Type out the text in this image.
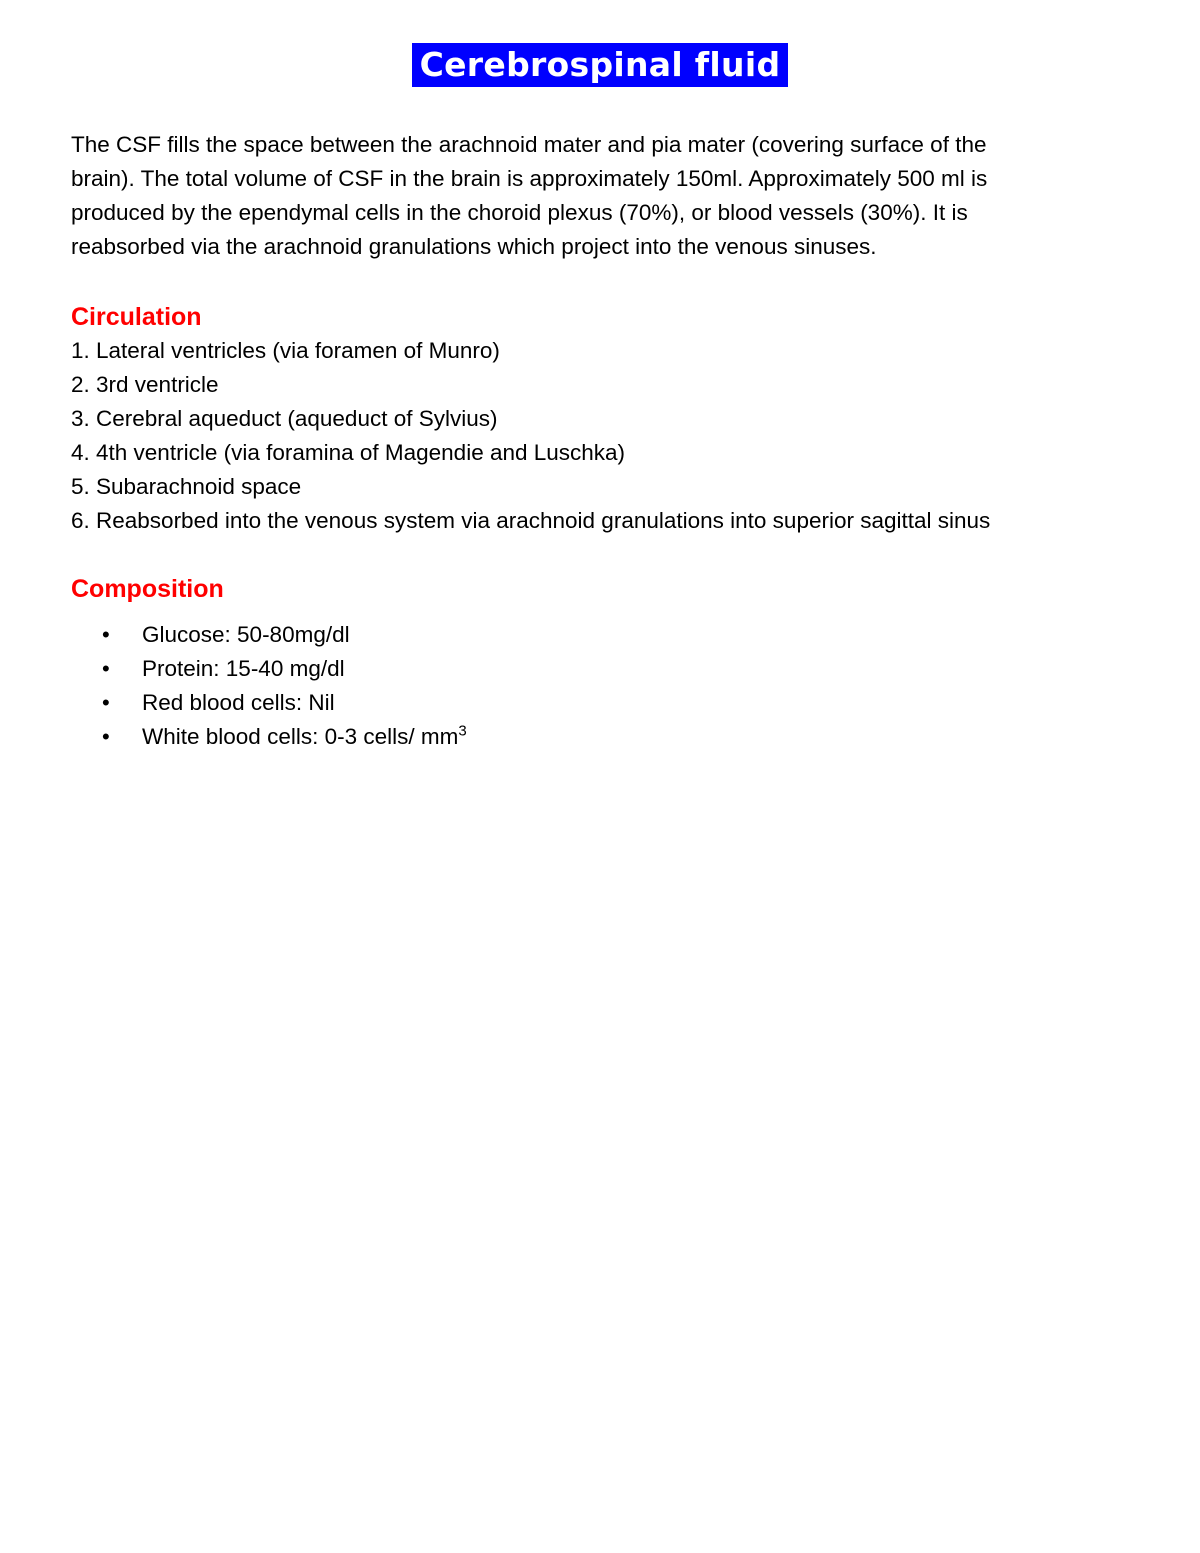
Cerebrospinal fluid

The CSF fills the space between the arachnoid mater and pia mater (covering surface of the
brain). The total volume of CSF in the brain is approximately 150ml. Approximately 500 ml is
produced by the ependymal cells in the choroid plexus (70%), or blood vessels (30%). It is
reabsorbed via the arachnoid granulations which project into the venous sinuses.

Circulation
1. Lateral ventricles (via foramen of Munro)
2. 3rd ventricle
3. Cerebral aqueduct (aqueduct of Sylvius)
4. 4th ventricle (via foramina of Magendie and Luschka)
5. Subarachnoid space
6. Reabsorbed into the venous system via arachnoid granulations into superior sagittal sinus
Composition
• Glucose: 50-80mg/dl
• Protein: 15-40 mg/dl
• Red blood cells: Nil
• White blood cells: 0-3 cells/ $mm^3$
